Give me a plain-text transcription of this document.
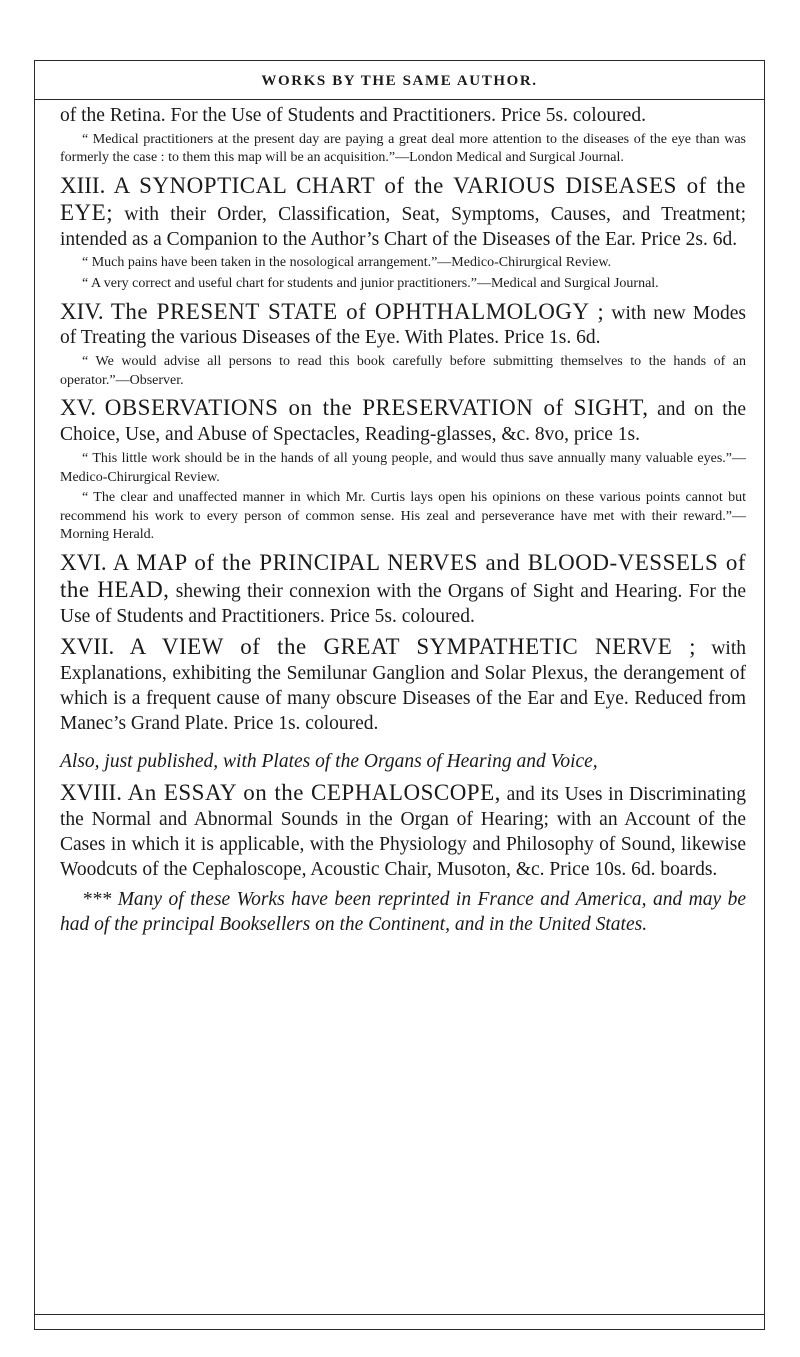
WORKS BY THE SAME AUTHOR.

of the Retina. For the Use of Students and Practitioners. Price 5s. coloured.

“ Medical practitioners at the present day are paying a great deal more attention to the diseases of the eye than was formerly the case : to them this map will be an acquisition.”—London Medical and Surgical Journal.

XIII. A SYNOPTICAL CHART of the VARIOUS DISEASES of the EYE; with their Order, Classification, Seat, Symptoms, Causes, and Treatment; intended as a Companion to the Author’s Chart of the Diseases of the Ear. Price 2s. 6d.

“ Much pains have been taken in the nosological arrangement.”—Medico-Chirurgical Review.

“ A very correct and useful chart for students and junior practitioners.”—Medical and Surgical Journal.

XIV. The PRESENT STATE of OPHTHALMOLOGY ; with new Modes of Treating the various Diseases of the Eye. With Plates. Price 1s. 6d.

“ We would advise all persons to read this book carefully before submitting themselves to the hands of an operator.”—Observer.

XV. OBSERVATIONS on the PRESERVATION of SIGHT, and on the Choice, Use, and Abuse of Spectacles, Reading-glasses, &c. 8vo, price 1s.

“ This little work should be in the hands of all young people, and would thus save annually many valuable eyes.”—Medico-Chirurgical Review.

“ The clear and unaffected manner in which Mr. Curtis lays open his opinions on these various points cannot but recommend his work to every person of common sense. His zeal and perseverance have met with their reward.”—Morning Herald.

XVI. A MAP of the PRINCIPAL NERVES and BLOOD-VESSELS of the HEAD, shewing their connexion with the Organs of Sight and Hearing. For the Use of Students and Practitioners. Price 5s. coloured.

XVII. A VIEW of the GREAT SYMPATHETIC NERVE ; with Explanations, exhibiting the Semilunar Ganglion and Solar Plexus, the derangement of which is a frequent cause of many obscure Diseases of the Ear and Eye. Reduced from Manec’s Grand Plate. Price 1s. coloured.

Also, just published, with Plates of the Organs of Hearing and Voice,

XVIII. An ESSAY on the CEPHALOSCOPE, and its Uses in Discriminating the Normal and Abnormal Sounds in the Organ of Hearing; with an Account of the Cases in which it is applicable, with the Physiology and Philosophy of Sound, likewise Woodcuts of the Cephaloscope, Acoustic Chair, Musoton, &c. Price 10s. 6d. boards.

*** Many of these Works have been reprinted in France and America, and may be had of the principal Booksellers on the Continent, and in the United States.
